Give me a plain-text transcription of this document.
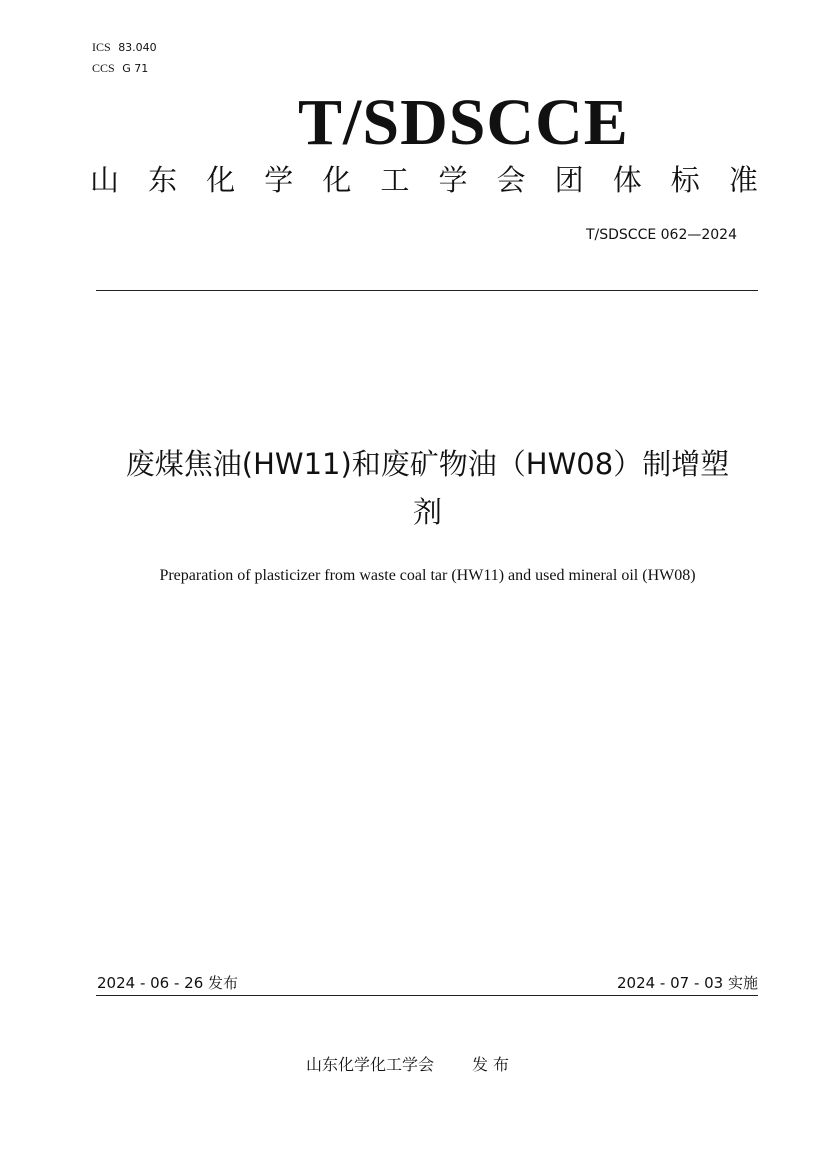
ICS 83.040
CCS G 71
T/SDSCCE
山 东 化 学 化 工 学 会 团 体 标 准
T/SDSCCE 062—2024
废煤焦油(HW11)和废矿物油（HW08）制增塑
剂
Preparation of plasticizer from waste coal tar (HW11) and used mineral oil (HW08)
2024 - 06 - 26 发布	2024 - 07 - 03 实施
山东化学化工学会 发 布
